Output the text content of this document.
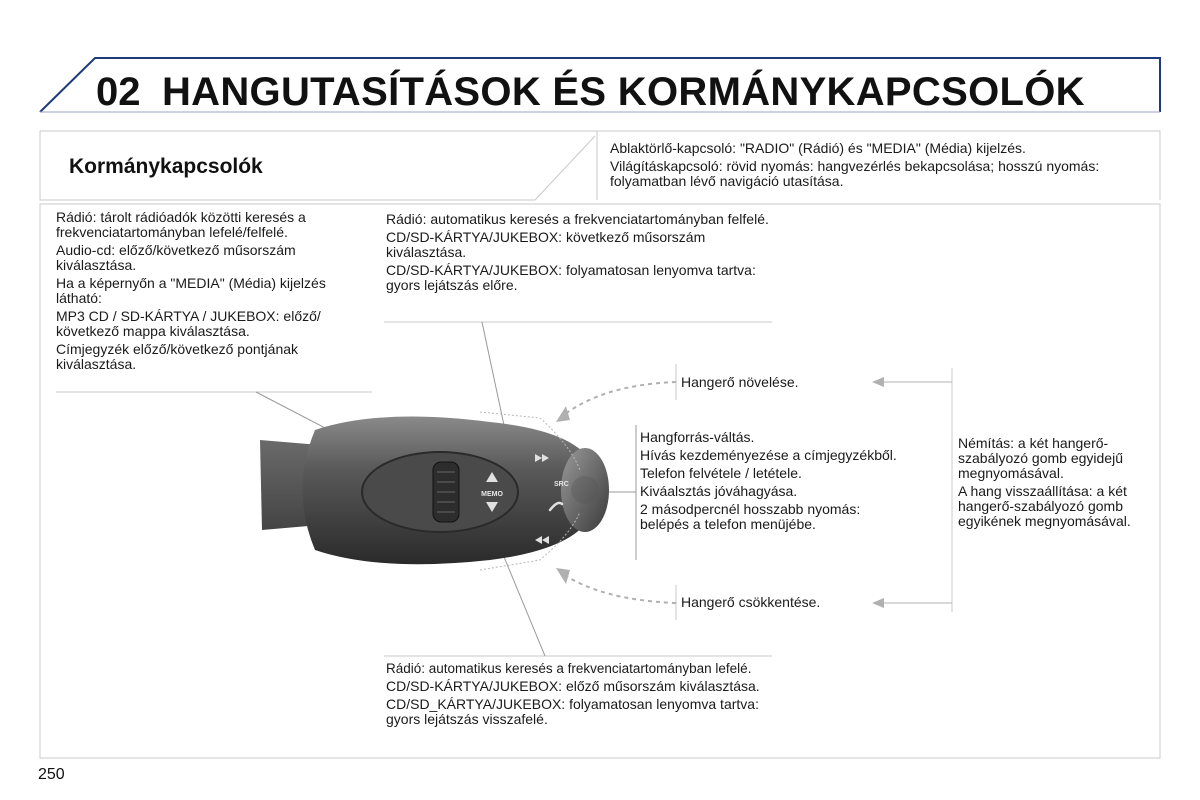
MEMO
SRC
02 HANGUTASÍTÁSOK ÉS KORMÁNYKAPCSOLÓK
Kormánykapcsolók

Ablaktörlő-kapcsoló: "RADIO" (Rádió) és "MEDIA" (Média) kijelzés.

Világításkapcsoló: rövid nyomás: hangvezérlés bekapcsolása; hosszú nyomás: folyamatban lévő navigáció utasítása.

Rádió: tárolt rádióadók közötti keresés a frekvenciatartományban lefelé/felfelé.

Audio-cd: előző/következő műsorszám kiválasztása.

Ha a képernyőn a "MEDIA" (Média) kijelzés látható:

MP3 CD / SD-KÁRTYA / JUKEBOX: előző/ következő mappa kiválasztása.

Címjegyzék előző/következő pontjának kiválasztása.

Rádió: automatikus keresés a frekvenciatartományban felfelé.

CD/SD-KÁRTYA/JUKEBOX: következő műsorszám kiválasztása.

CD/SD-KÁRTYA/JUKEBOX: folyamatosan lenyomva tartva: gyors lejátszás előre.

Hangerő növelése.
Hangerő csökkentése.

Hangforrás-váltás.

Hívás kezdeményezése a címjegyzékből.

Telefon felvétele / letétele.

Kiváalsztás jóváhagyása.

2 másodpercnél hosszabb nyomás: belépés a telefon menüjébe.

Némítás: a két hangerő-szabályozó gomb egyidejű megnyomásával.

A hang visszaállítása: a két hangerő-szabályozó gomb egyikének megnyomásával.

Rádió: automatikus keresés a frekvenciatartományban lefelé.

CD/SD-KÁRTYA/JUKEBOX: előző műsorszám kiválasztása.

CD/SD_KÁRTYA/JUKEBOX: folyamatosan lenyomva tartva: gyors lejátszás visszafelé.

250
